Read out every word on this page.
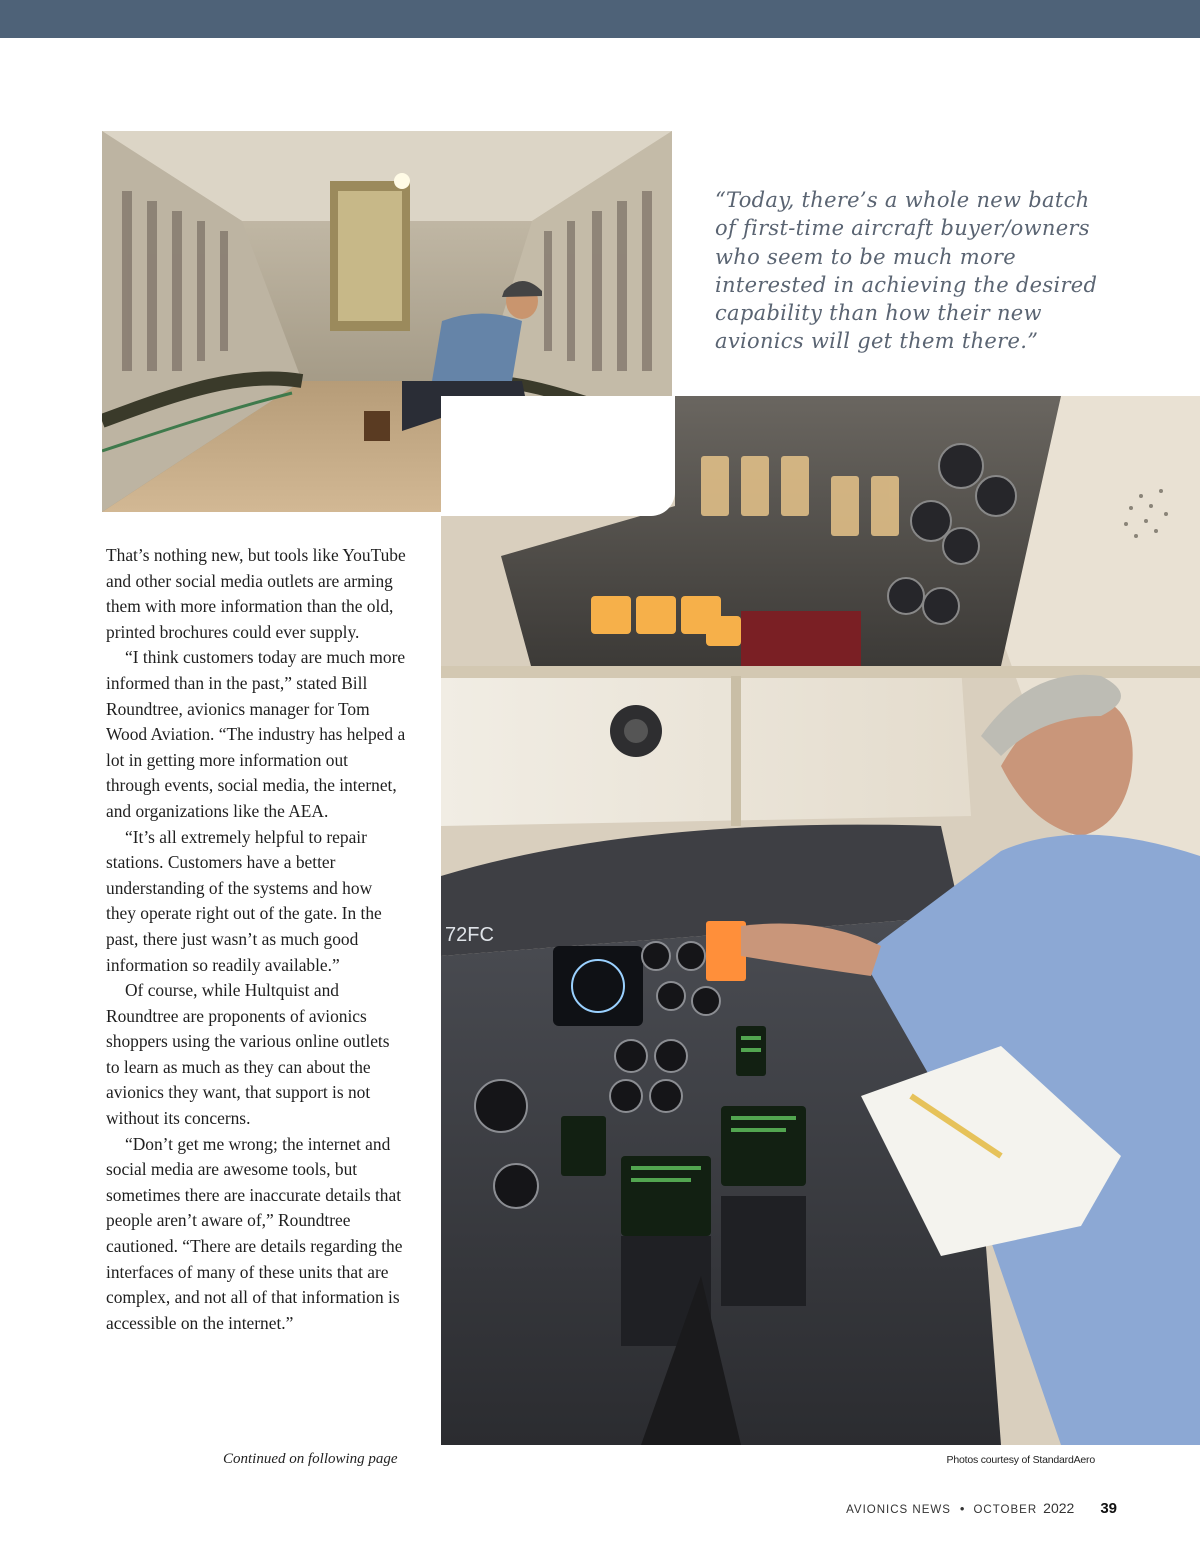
“Today, there’s a whole new batch of first-time aircraft buyer/owners who seem to be much more interested in achieving the desired capability than how their new avionics will get them there.”
72FC

That’s nothing new, but tools like YouTube and other social media outlets are arming them with more information than the old, printed brochures could ever supply.

“I think customers today are much more informed than in the past,” stated Bill Roundtree, avionics manager for Tom Wood Aviation. “The industry has helped a lot in getting more information out through events, social media, the internet, and organizations like the AEA.

“It’s all extremely helpful to repair stations. Customers have a better understanding of the systems and how they operate right out of the gate. In the past, there just wasn’t as much good information so readily available.”

Of course, while Hultquist and Roundtree are proponents of avionics shoppers using the various online outlets to learn as much as they can about the avionics they want, that support is not without its concerns.

“Don’t get me wrong; the internet and social media are awesome tools, but sometimes there are inaccurate details that people aren’t aware of,” Roundtree cautioned. “There are details regarding the interfaces of many of these units that are complex, and not all of that information is accessible on the internet.”

Continued on following page	Photos courtesy of StandardAero
AVIONICS NEWS • OCTOBER 2022 39
